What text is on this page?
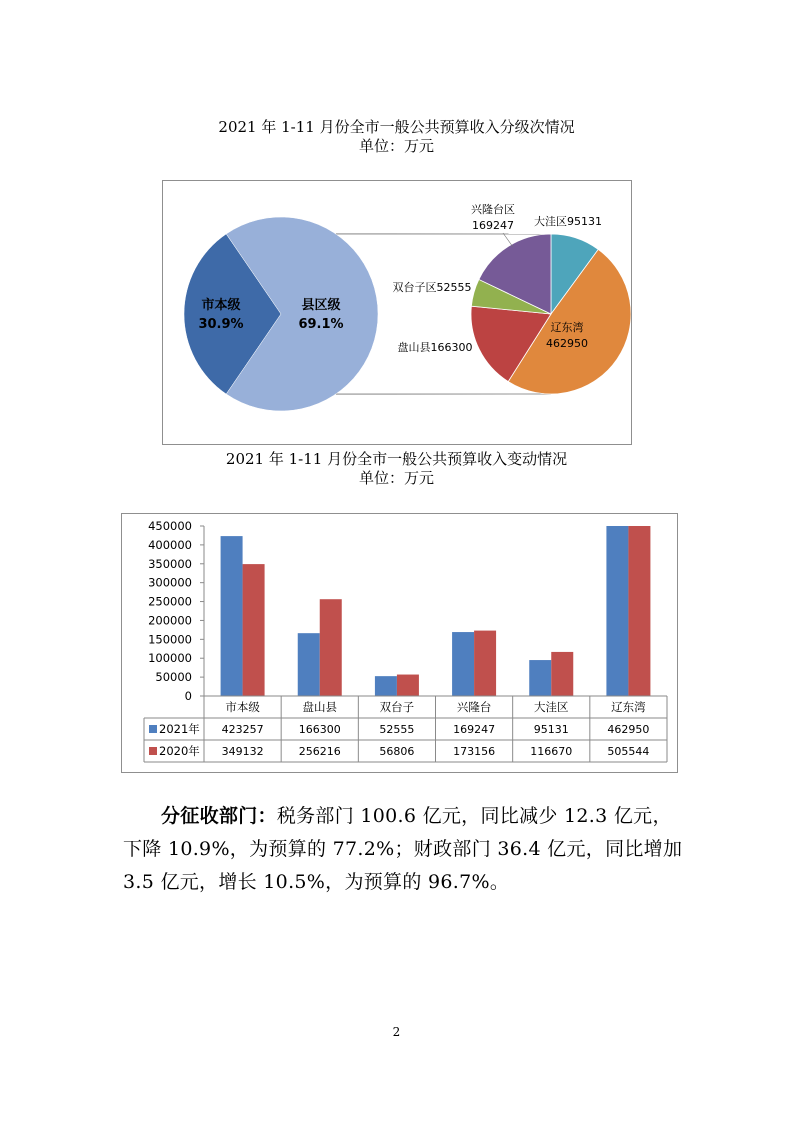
2021 年 1-11 月份全市一般公共预算收入分级次情况
单位：万元
市本级
30.9%
县区级
69.1%
大洼区95131
辽东湾
462950
盘山县166300
双台子区52555
兴隆台区
169247
2021 年 1-11 月份全市一般公共预算收入变动情况
单位：万元
0
50000
100000
150000
200000
250000
300000
350000
400000
450000
市本级	盘山县	双台子	兴隆台	大洼区	辽东湾
2021年 423257	166300	52555	169247	95131	462950
2020年 349132	256216	56806	173156	116670	505544
分征收部门：税务部门 100.6 亿元，同比减少 12.3 亿元，下降 10.9%，为预算的 77.2%；财政部门 36.4 亿元，同比增加 3.5 亿元，增长 10.5%，为预算的 96.7%。
2
